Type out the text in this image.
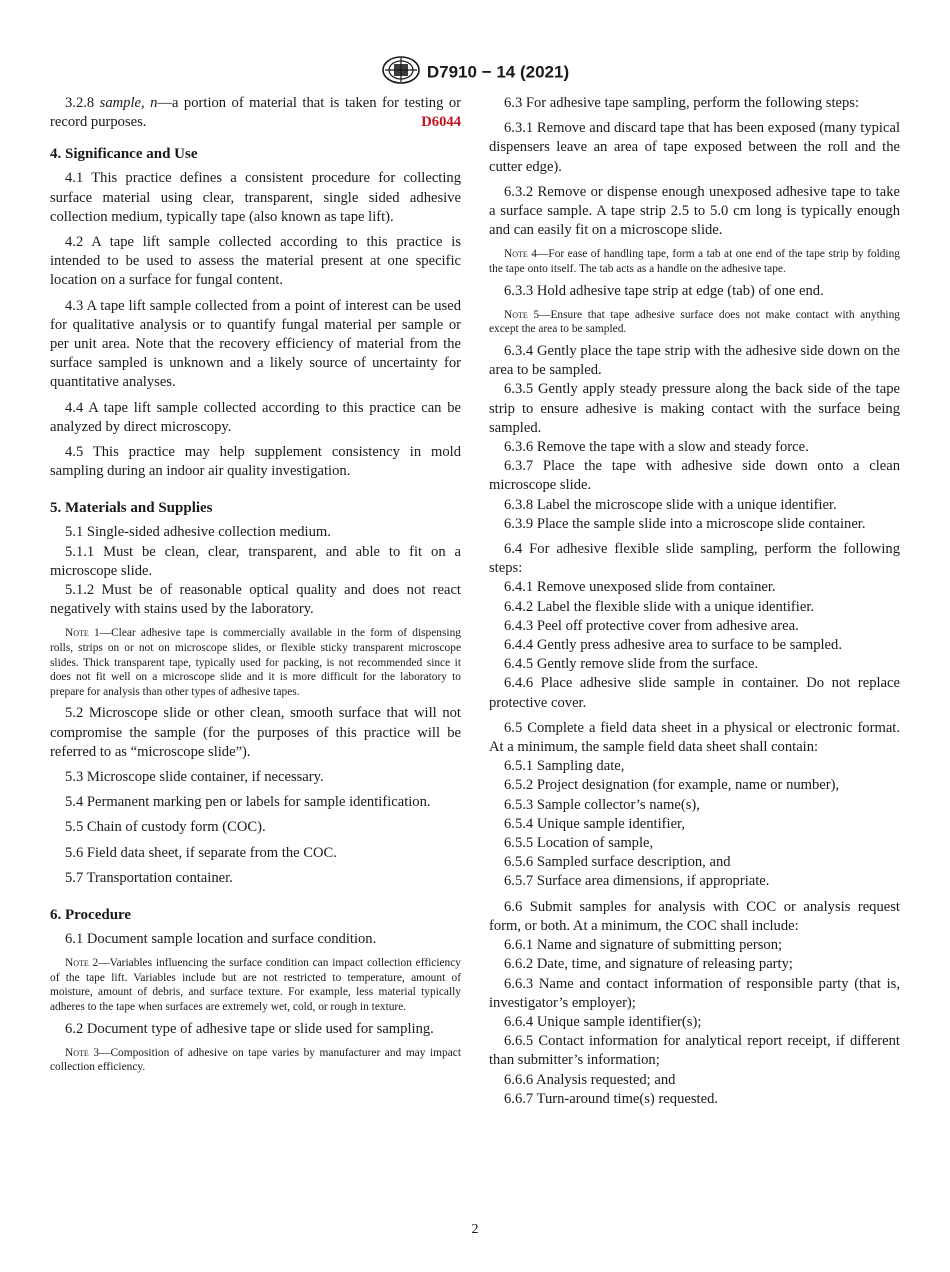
D7910 − 14 (2021)

3.2.8 sample, n—a portion of material that is taken for testing or record purposes.	D6044

4. Significance and Use

4.1 This practice defines a consistent procedure for collecting surface material using clear, transparent, single sided adhesive collection medium, typically tape (also known as tape lift).

4.2 A tape lift sample collected according to this practice is intended to be used to assess the material present at one specific location on a surface for fungal content.

4.3 A tape lift sample collected from a point of interest can be used for qualitative analysis or to quantify fungal material per sample or per unit area. Note that the recovery efficiency of material from the surface sampled is unknown and a likely source of uncertainty for quantitative analyses.

4.4 A tape lift sample collected according to this practice can be analyzed by direct microscopy.

4.5 This practice may help supplement consistency in mold sampling during an indoor air quality investigation.

5. Materials and Supplies

5.1 Single-sided adhesive collection medium.

5.1.1 Must be clean, clear, transparent, and able to fit on a microscope slide.

5.1.2 Must be of reasonable optical quality and does not react negatively with stains used by the laboratory.

Note 1—Clear adhesive tape is commercially available in the form of dispensing rolls, strips on or not on microscope slides, or flexible sticky transparent microscope slides. Thick transparent tape, typically used for packing, is not recommended since it does not fit well on a microscope slide and it is more difficult for the laboratory to prepare for analysis than other types of adhesive tapes.

5.2 Microscope slide or other clean, smooth surface that will not compromise the sample (for the purposes of this practice will be referred to as “microscope slide”).

5.3 Microscope slide container, if necessary.

5.4 Permanent marking pen or labels for sample identification.

5.5 Chain of custody form (COC).

5.6 Field data sheet, if separate from the COC.

5.7 Transportation container.

6. Procedure

6.1 Document sample location and surface condition.

Note 2—Variables influencing the surface condition can impact collection efficiency of the tape lift. Variables include but are not restricted to temperature, amount of moisture, amount of debris, and surface texture. For example, less material typically adheres to the tape when surfaces are extremely wet, cold, or rough in texture.

6.2 Document type of adhesive tape or slide used for sampling.

Note 3—Composition of adhesive on tape varies by manufacturer and may impact collection efficiency.

6.3 For adhesive tape sampling, perform the following steps:

6.3.1 Remove and discard tape that has been exposed (many typical dispensers leave an area of tape exposed between the roll and the cutter edge).

6.3.2 Remove or dispense enough unexposed adhesive tape to take a surface sample. A tape strip 2.5 to 5.0 cm long is typically enough and can easily fit on a microscope slide.

Note 4—For ease of handling tape, form a tab at one end of the tape strip by folding the tape onto itself. The tab acts as a handle on the adhesive tape.

6.3.3 Hold adhesive tape strip at edge (tab) of one end.

Note 5—Ensure that tape adhesive surface does not make contact with anything except the area to be sampled.

6.3.4 Gently place the tape strip with the adhesive side down on the area to be sampled.

6.3.5 Gently apply steady pressure along the back side of the tape strip to ensure adhesive is making contact with the surface being sampled.

6.3.6 Remove the tape with a slow and steady force.

6.3.7 Place the tape with adhesive side down onto a clean microscope slide.

6.3.8 Label the microscope slide with a unique identifier.

6.3.9 Place the sample slide into a microscope slide container.

6.4 For adhesive flexible slide sampling, perform the following steps:

6.4.1 Remove unexposed slide from container.

6.4.2 Label the flexible slide with a unique identifier.

6.4.3 Peel off protective cover from adhesive area.

6.4.4 Gently press adhesive area to surface to be sampled.

6.4.5 Gently remove slide from the surface.

6.4.6 Place adhesive slide sample in container. Do not replace protective cover.

6.5 Complete a field data sheet in a physical or electronic format. At a minimum, the sample field data sheet shall contain:

6.5.1 Sampling date,

6.5.2 Project designation (for example, name or number),

6.5.3 Sample collector’s name(s),

6.5.4 Unique sample identifier,

6.5.5 Location of sample,

6.5.6 Sampled surface description, and

6.5.7 Surface area dimensions, if appropriate.

6.6 Submit samples for analysis with COC or analysis request form, or both. At a minimum, the COC shall include:

6.6.1 Name and signature of submitting person;

6.6.2 Date, time, and signature of releasing party;

6.6.3 Name and contact information of responsible party (that is, investigator’s employer);

6.6.4 Unique sample identifier(s);

6.6.5 Contact information for analytical report receipt, if different than submitter’s information;

6.6.6 Analysis requested; and

6.6.7 Turn-around time(s) requested.

2
